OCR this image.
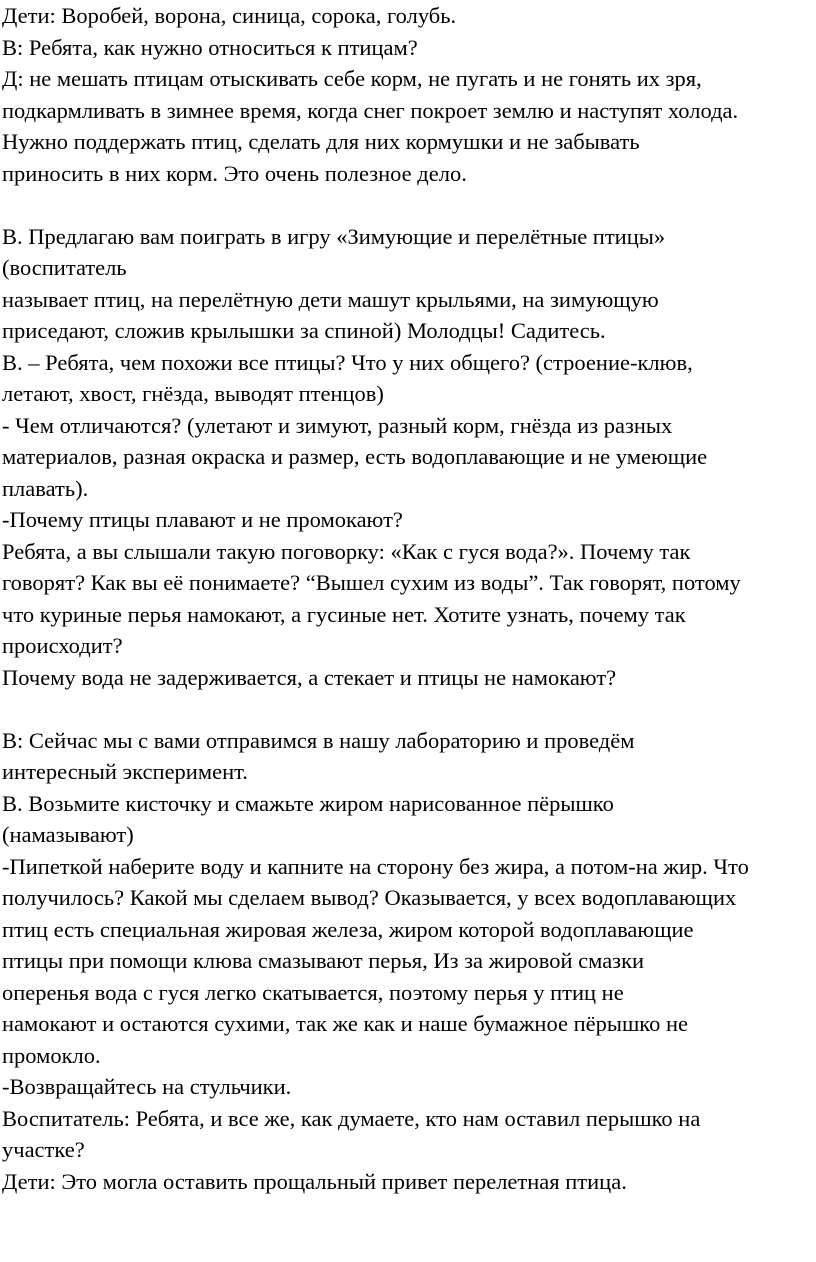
Дети: Воробей, ворона, синица, сорока, голубь.
В: Ребята, как нужно относиться к птицам?
Д: не мешать птицам отыскивать себе корм, не пугать и не гонять их зря,
подкармливать в зимнее время, когда снег покроет землю и наступят холода.
Нужно поддержать птиц, сделать для них кормушки и не забывать
приносить в них корм. Это очень полезное дело.
В. Предлагаю вам поиграть в игру «Зимующие и перелётные птицы»
(воспитатель
называет птиц, на перелётную дети машут крыльями, на зимующую
приседают, сложив крылышки за спиной) Молодцы! Садитесь.
В. – Ребята, чем похожи все птицы? Что у них общего? (строение-клюв,
летают, хвост, гнёзда, выводят птенцов)
- Чем отличаются? (улетают и зимуют, разный корм, гнёзда из разных
материалов, разная окраска и размер, есть водоплавающие и не умеющие
плавать).
-Почему птицы плавают и не промокают?
Ребята, а вы слышали такую поговорку: «Как с гуся вода?». Почему так
говорят? Как вы её понимаете? “Вышел сухим из воды”. Так говорят, потому
что куриные перья намокают, а гусиные нет. Хотите узнать, почему так
происходит?
Почему вода не задерживается, а стекает и птицы не намокают?
В: Сейчас мы с вами отправимся в нашу лабораторию и проведём
интересный эксперимент.
В. Возьмите кисточку и смажьте жиром нарисованное пёрышко
(намазывают)
-Пипеткой наберите воду и капните на сторону без жира, а потом-на жир. Что
получилось? Какой мы сделаем вывод? Оказывается, у всех водоплавающих
птиц есть специальная жировая железа, жиром которой водоплавающие
птицы при помощи клюва смазывают перья, Из за жировой смазки
оперенья вода с гуся легко скатывается, поэтому перья у птиц не
намокают и остаются сухими, так же как и наше бумажное пёрышко не
промокло.
-Возвращайтесь на стульчики.
Воспитатель: Ребята, и все же, как думаете, кто нам оставил перышко на
участке?
Дети: Это могла оставить прощальный привет перелетная птица.
